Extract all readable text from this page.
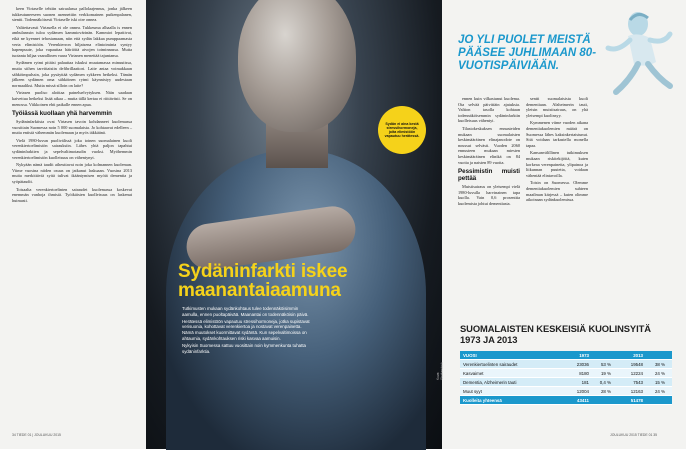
keen Virtaselle tehtiin satraalassa pallolaajennus, jonka jälkeen tukkeutuneeseen suonen asennettiin verkkomainen putkenpalanen, stentti. Todennäköisesti Virtaselle iski oire onnea.

Valitettavasti Virtasella ei ole onnea. Tukkeuma alhaalla is ennen ambulanssin tuloa sydämen kammiovärinän. Kammiot lepattivat, eikä ne kyennet tehostamaan, niin että sydän lakkaa pumppaamasta verta elimistöön. Verenkierron hiljaisena elintoiminta syntyy hapenpuute, joka vapauttaa häiriöitä aivojen toiminnassa. Mutta tuotanta hiljaa vaarallinen vaara Virtanen menettää tajuntansa.

Sydämen rytmi pitäisi palauttaa iskuksi muutamassa minuutissa, mutta siihen tarvittaisiin defibrillaattori. Laite antaa voimakkaan sähköimpulssin, joka pysäyttää sydämen sykkeen hetkeksi. Tämän jälkeen sydämen oma sähköinen rytmi käynnistyy uudestaan normaaliksi. Mutta missä silloin on laite?

Virtasen puoliso aloittaa paineluelvytyksen. Näin saadaan kaivettua hetkeksi lisää aikaa – mutta tällä kertaa ei riittävästi. Se on menossa. Viikkoinen ehti paikalle ennen apua.

Työiässä kuollaan yhä harvemmin

Sydäninfarktista ovat Virtasen tavoin kohdanneet kuolemassa vuosittain Suomessa noin 5 000 suomalaista. Jo kohtaavat edelleen – mutta entistä vähemmän kuolemaan ja myös iäkkäänä.

Vielä 1980-luvun puolivälissä joka toinen suomalainen kuoli verenkiertoelimistön sairauksiin. Lähes yhtä paljon tapahtui sydäninfarktien ja sepelvaltimotaudin vuoksi. Myöhemmin verenkiertoelimistön kuolleisuus on vähentynyt.

Nykyään nämä taudit aiheuttavat noin joka kolmannen kuoleman. Viime vuosina niiden osuus on jatkanut laskuaan. Vuosina 2013 muita merkittäviä syitä tulivat ikääntymisen myötä dementia ja syöpätaudit.

Toisaalta verenkiertoelinten sairaudet kuolemassa koskevat enemmän vanhoja ihmisiä. Työikäisten kuolleisuus on laskenut huimasti.

Sydän ei aina kestä stressihormoneja, joita elimistöön vapautuu herätessä.
Sydäninfarkti iskee maanantaiaamuna

Tutkimusten mukaan sydänkohtaus tulee todennäköisimmin aamulla, ennen puoltapäivää. Maanantai on todennäköisin päivä.

Herätessä elimistöön vapautuu stressihormoneja, jotka supistavat verisuonia, kohottavat verenkiertoa ja nostavat verenpainetta. Nämä muutokset kuormittavat sydäntä. Kun sepelvaltimoissa on ahtaumia, sydänkohtauksen riski kasvaa aamuisin.

Nykyisin Suomessa sattuu vuosittain noin kymmenkunta tuhatta sydäninfarktia.

Kuva: Shutterstock

ennen kuin vilkastunut kuolema. Ota selvää päivittäin ajatuksia. Valtion tasolla kohtaan todennäköisemmin sydäninfarktin kuolleisuus vähentyi.

Tilastokeskuksen ennusteiden mukaan suomalaisten keskimääräinen elinajanodote on noussut selvästi. Vuoden 2060 ennusteen mukaan miesten keskimääräinen elinikä on 84 vuotta ja naisten 89 vuotta.

Pessimistin muisti pettää

Muistisairaus on yleisempi vielä 1980-luvulla harvinainen tapa kuolla. Vain 0,6 prosenttia kuolemista johtui dementiasta.

sentti suomalaisista kuoli dementiaan. Alzheimerin tauti, yleisin muistisairaus, on yhä yleisempi kuolinsyy.

Kymmenen viime vuoden aikana dementiakuolemien määrä on Suomessa lähes kaksinkertaistunut. Sitä voidaan tarkastella monella tapaa.

Kansanvälillinen tutkimuksen mukaan riskitekijöitä, kuten korkeaa verenpainetta, ylipainoa ja liikunnan puutetta, voidaan vähentää elintavoilla.

Toisin on Suomessa. Olemme dementiakuolemien suhteen maailman kärjessä – kuten olimme aikoinaan sydänkuolemissa.

JO YLI PUOLET MEISTÄ PÄÄSEE JUHLIMAAN 80-VUOTISPÄIVIÄÄN.
SUOMALAISTEN KESKEISIÄ KUOLINSYITÄ 1973 JA 2013
VUOSI	1973	2013
Verenkiertoelinten sairaudet	23036	53 %	19548	38 %
Kasvaimet	8180	19 %	12224	24 %
Dementia, Alzheimerin tauti	181	0,4 %	7543	15 %
Muut syyt	12004	28 %	12163	24 %
Kuolleita yhteensä	43411	51478
34 TIEDE 01 | JOULUKUU 2015	JOULUKUU 2015 TIEDE 01 35
